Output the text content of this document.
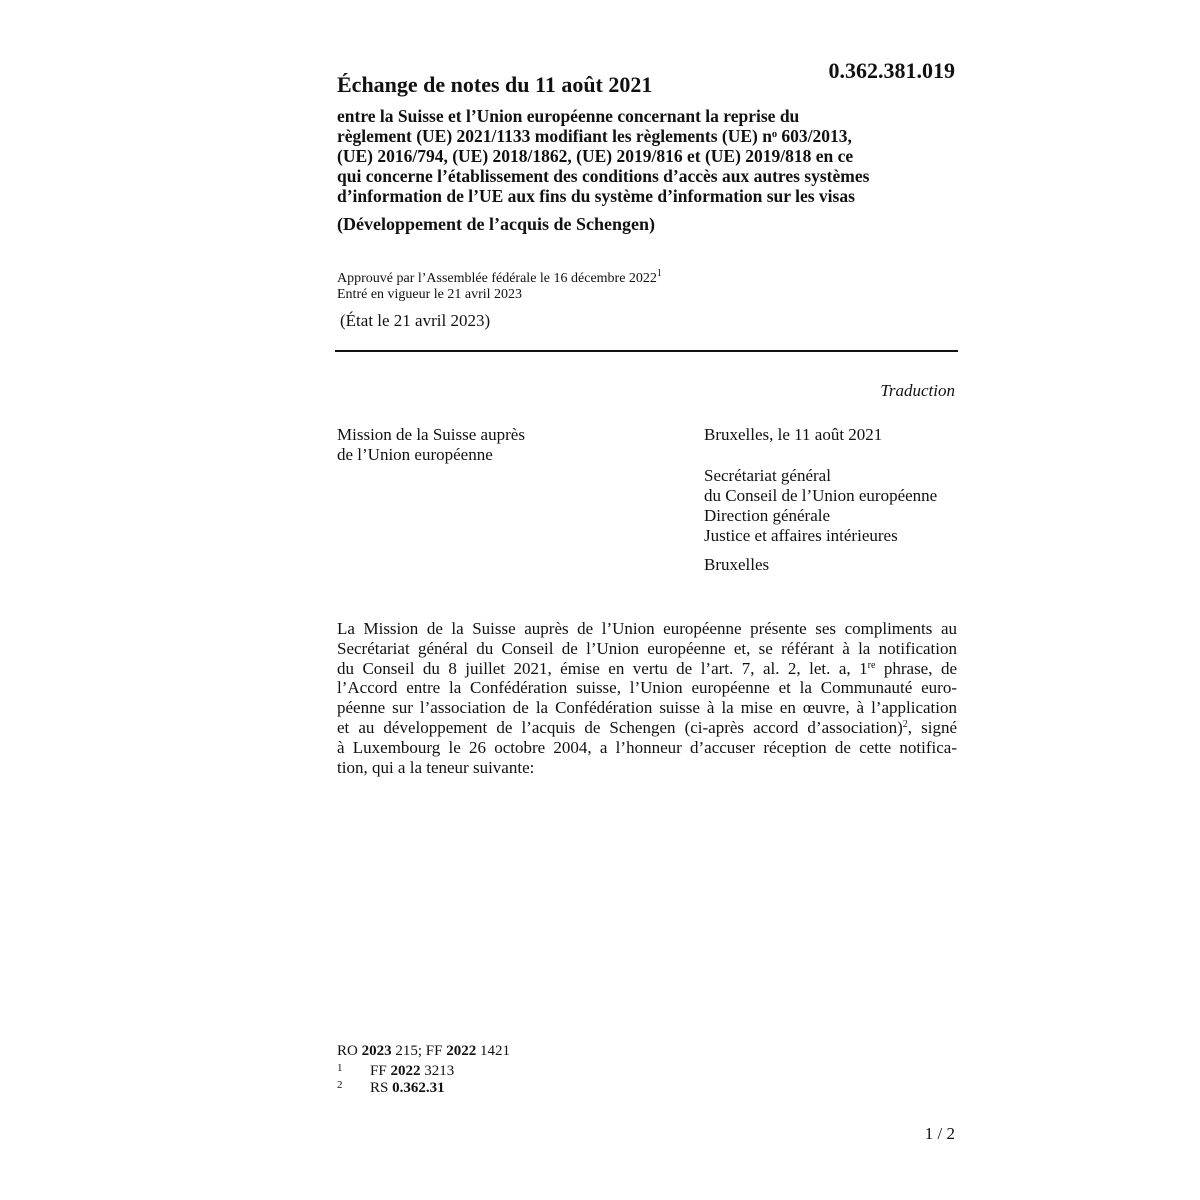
0.362.381.019
Échange de notes du 11 août 2021
entre la Suisse et l’Union européenne concernant la reprise du
règlement (UE) 2021/1133 modifiant les règlements (UE) nᵒ 603/2013,
(UE) 2016/794, (UE) 2018/1862, (UE) 2019/816 et (UE) 2019/818 en ce
qui concerne l’établissement des conditions d’accès aux autres systèmes
d’information de l’UE aux fins du système d’information sur les visas
(Développement de l’acquis de Schengen)
Approuvé par l’Assemblée fédérale le 16 décembre 2022$^1$
Entré en vigueur le 21 avril 2023
(État le 21 avril 2023)
Traduction
Mission de la Suisse auprès
de l’Union européenne
Bruxelles, le 11 août 2021
Secrétariat général
du Conseil de l’Union européenne
Direction générale
Justice et affaires intérieures
Bruxelles
La Mission de la Suisse auprès de l’Union européenne présente ses compliments au
Secrétariat général du Conseil de l’Union européenne et, se référant à la notification
du Conseil du 8 juillet 2021, émise en vertu de l’art. 7, al. 2, let. a, 1re phrase, de
l’Accord entre la Confédération suisse, l’Union européenne et la Communauté euro-
péenne sur l’association de la Confédération suisse à la mise en œuvre, à l’application
et au développement de l’acquis de Schengen (ci-après accord d’association)$^2$, signé
à Luxembourg le 26 octobre 2004, a l’honneur d’accuser réception de cette notifica-
tion, qui a la teneur suivante:
RO 2023 215; FF 2022 1421
1 FF 2022 3213
2 RS 0.362.31
1 / 2
